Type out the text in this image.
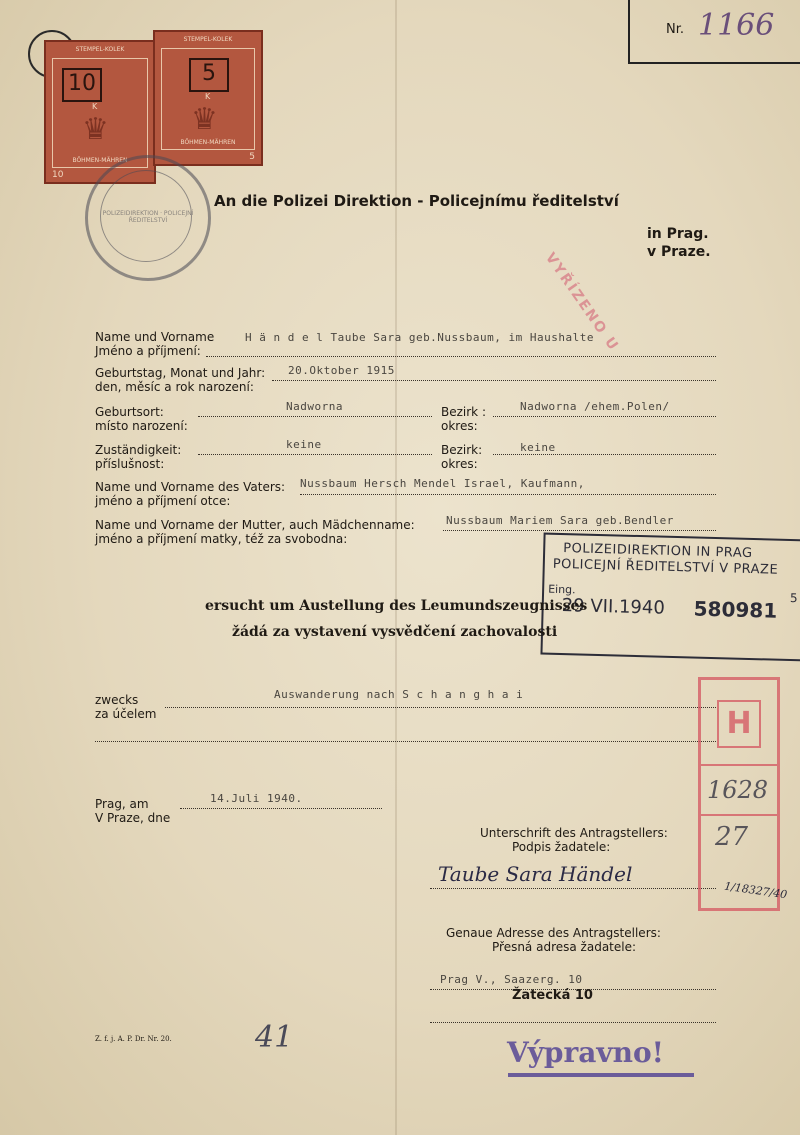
Nr. 1166
STEMPEL-KOLEK
10
K
♛
BÖHMEN-MÄHREN
10
STEMPEL-KOLEK
5
K
♛
BÖHMEN-MÄHREN
5
POLIZEIDIREKTION · POLICEJNÍ ŘEDITELSTVÍ
An die Polizei Direktion - Policejnímu ředitelství
in Prag.
v Praze.
VYŘÍZENO U
Name und Vorname
Jméno a příjmení:
H ä n d e l Taube Sara geb.Nussbaum, im Haushalte
Geburtstag, Monat und Jahr:
den, měsíc a rok narození:
20.Oktober 1915
Geburtsort:
místo narození:
Nadworna	Bezirk :
okres:
Nadworna /ehem.Polen/
Zuständigkeit:
příslušnost:
keine	Bezirk:
okres:
keine
Name und Vorname des Vaters:
jméno a příjmení otce:
Nussbaum Hersch Mendel Israel, Kaufmann,
Name und Vorname der Mutter, auch Mädchenname:
jméno a příjmení matky, též za svobodna:
Nussbaum Mariem Sara geb.Bendler
POLIZEIDIREKTION IN PRAG
POLICEJNÍ ŘEDITELSTVÍ V PRAZE
Eing.
29 VII.1940 580981 5
ersucht um Austellung des Leumundszeugnisses
žádá za vystavení vysvědčení zachovalosti
zwecks
za účelem
Auswanderung nach S c h a n g h a i
Prag, am
V Praze, dne
14.Juli 1940.
Unterschrift des Antragstellers:
Podpis žadatele:
Taube Sara Händel
Genaue Adresse des Antragstellers:
Přesná adresa žadatele:
Prag V., Saazerg. 10
Žatecká 10
H
1628
27
1/18327/40
Z. f. j. A. P. Dr. Nr. 20.	41	Výpravno!
